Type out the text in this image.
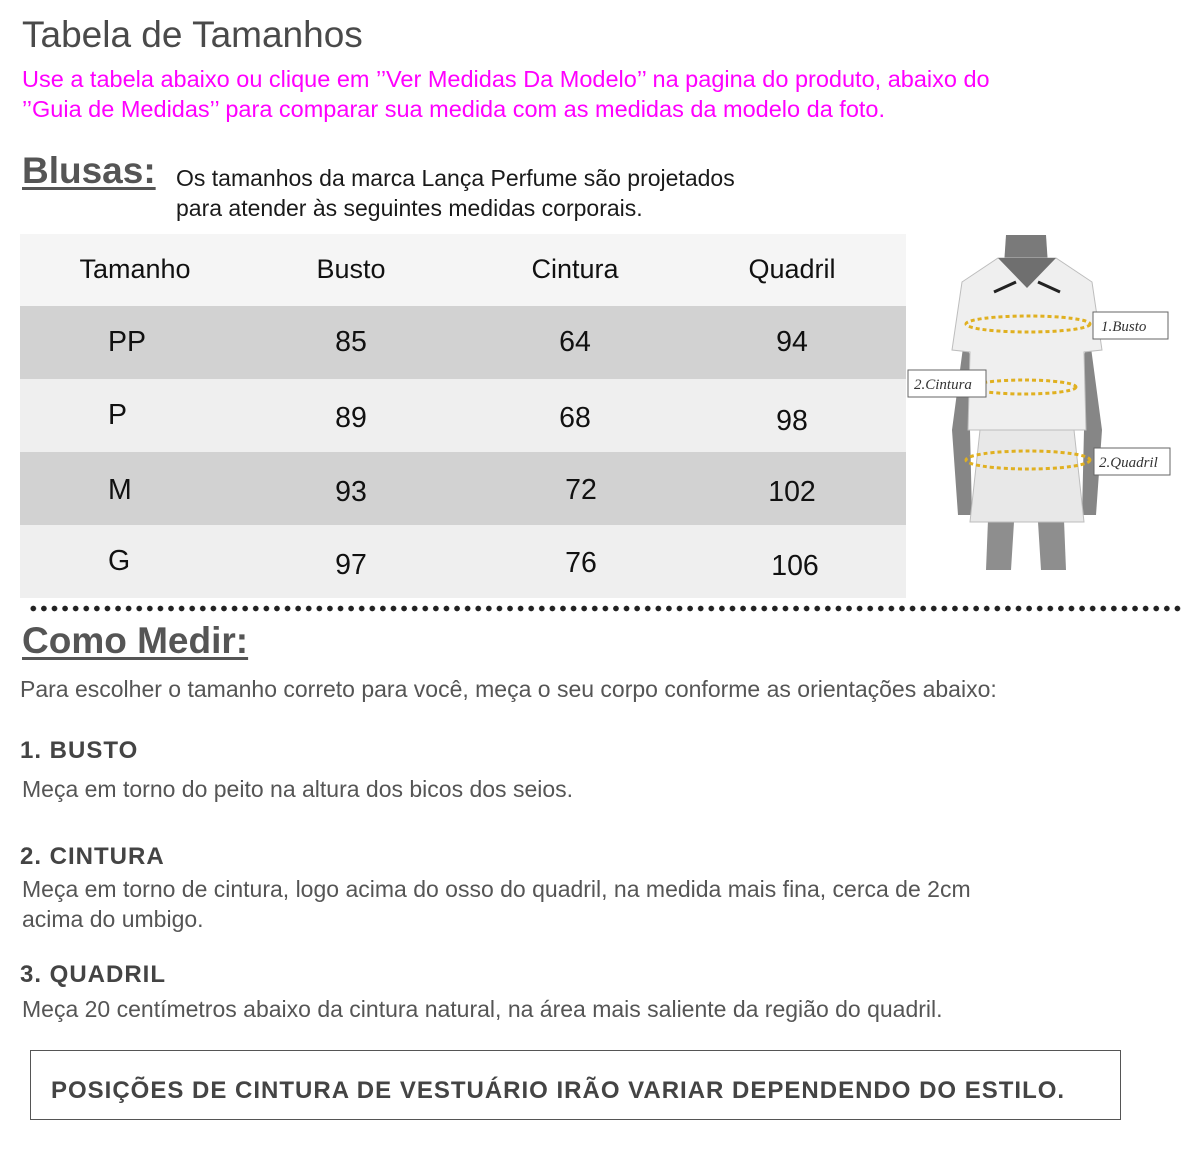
Tabela de Tamanhos
Use a tabela abaixo ou clique em ’’Ver Medidas Da Modelo’’ na pagina do produto, abaixo do
’’Guia de Medidas’’ para comparar sua medida com as medidas da modelo da foto.
Blusas: Os tamanhos da marca Lança Perfume são projetados
para atender às seguintes medidas corporais.
Tamanho	Busto	Cintura	Quadril
PP	85	64	94
P	89	68	98
M	93	72	102
G	97	76	106
1.Busto
2.Cintura
2.Quadril
Como Medir:
Para escolher o tamanho correto para você, meça o seu corpo conforme as orientações abaixo:
1. BUSTO
Meça em torno do peito na altura dos bicos dos seios.
2. CINTURA
Meça em torno de cintura, logo acima do osso do quadril, na medida mais fina, cerca de 2cm
acima do umbigo.
3. QUADRIL
Meça 20 centímetros abaixo da cintura natural, na área mais saliente da região do quadril.
POSIÇÕES DE CINTURA DE VESTUÁRIO IRÃO VARIAR DEPENDENDO DO ESTILO.
